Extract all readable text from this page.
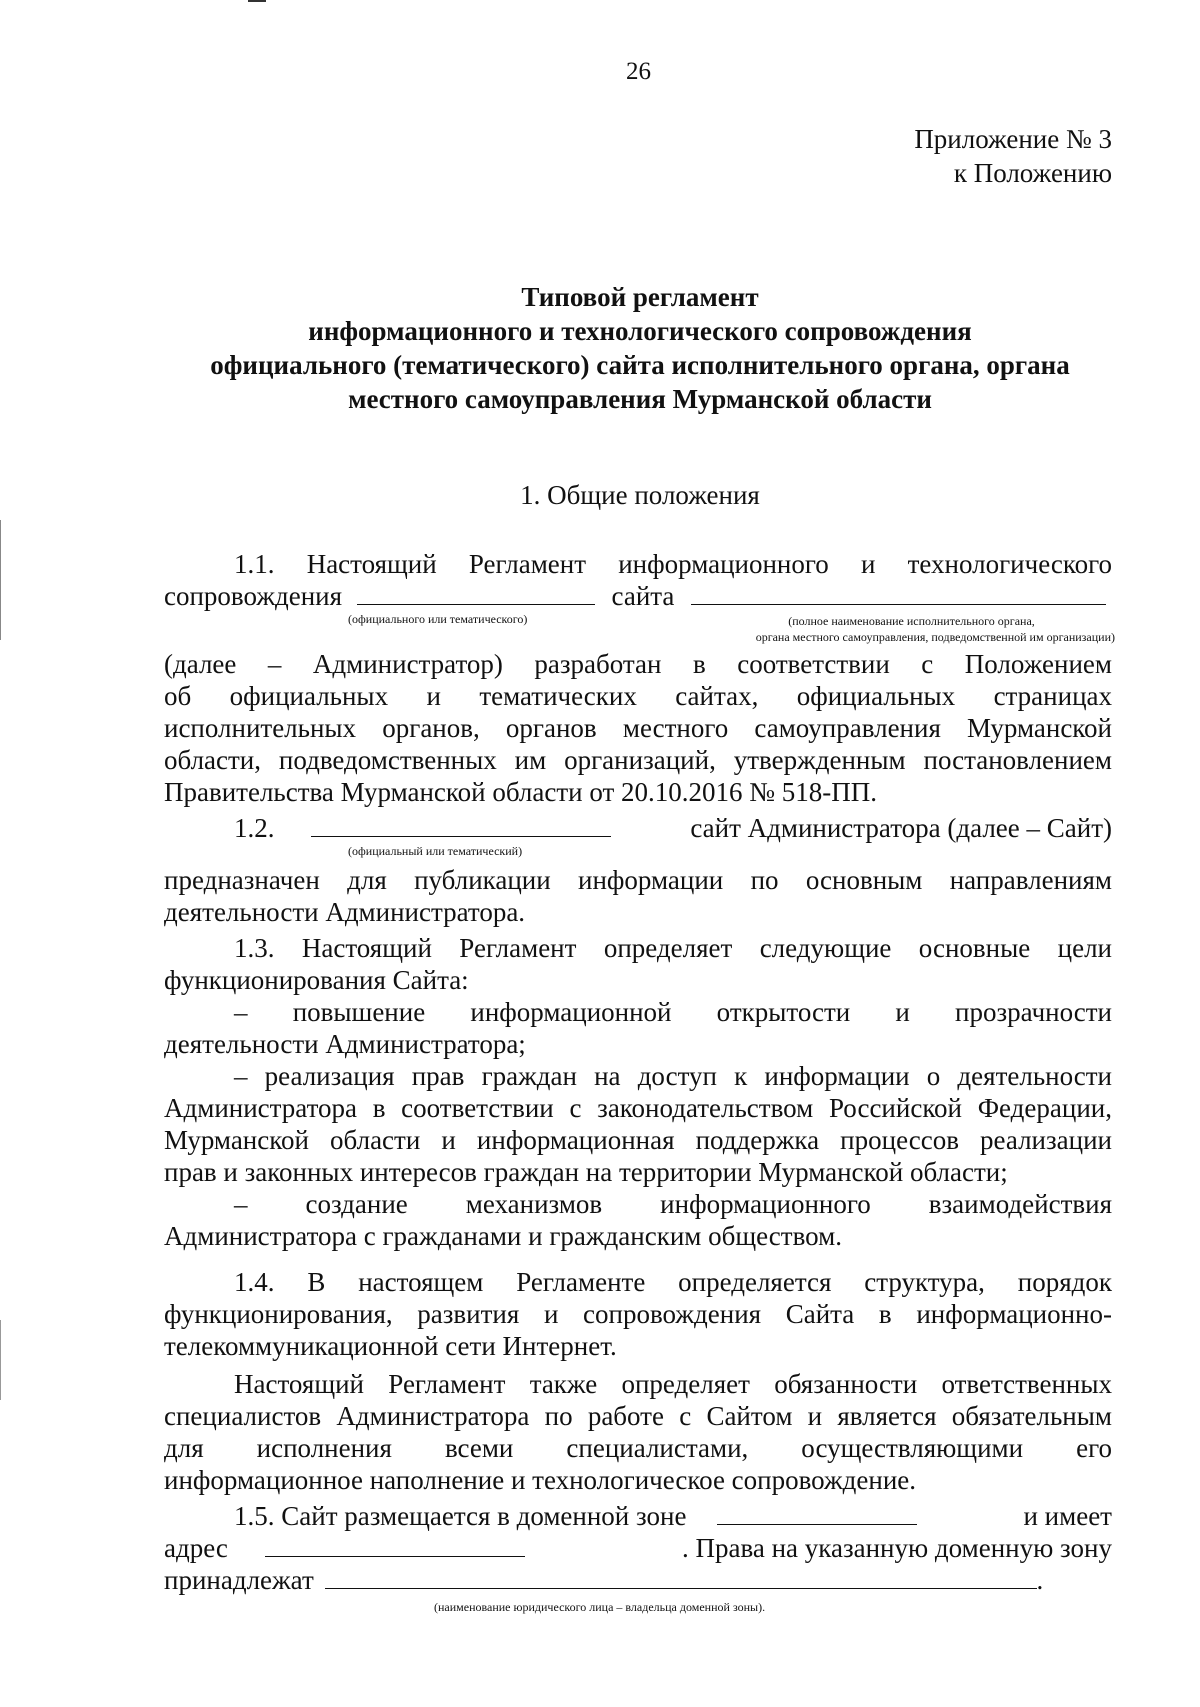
26
Приложение № 3
к Положению
Типовой регламент
информационного и технологического сопровождения
официального (тематического) сайта исполнительного органа, органа
местного самоуправления Мурманской области
1. Общие положения
1.1. Настоящий Регламент информационного и технологического
сопровождения	сайта
(официального или тематического)	(полное наименование исполнительного органа,
органа местного самоуправления, подведомственной им организации)
(далее – Администратор) разработан в соответствии с Положением
об официальных и тематических сайтах, официальных страницах
исполнительных органов, органов местного самоуправления Мурманской
области, подведомственных им организаций, утвержденным постановлением
Правительства Мурманской области от 20.10.2016 № 518-ПП.
1.2.	сайт Администратора (далее – Сайт)
(официальный или тематический)
предназначен для публикации информации по основным направлениям
деятельности Администратора.
1.3. Настоящий Регламент определяет следующие основные цели
функционирования Сайта:
– повышение информационной открытости и прозрачности
деятельности Администратора;
– реализация прав граждан на доступ к информации о деятельности
Администратора в соответствии с законодательством Российской Федерации,
Мурманской области и информационная поддержка процессов реализации
прав и законных интересов граждан на территории Мурманской области;
– создание механизмов информационного взаимодействия
Администратора с гражданами и гражданским обществом.
1.4. В настоящем Регламенте определяется структура, порядок
функционирования, развития и сопровождения Сайта в информационно-
телекоммуникационной сети Интернет.
Настоящий Регламент также определяет обязанности ответственных
специалистов Администратора по работе с Сайтом и является обязательным
для исполнения всеми специалистами, осуществляющими его
информационное наполнение и технологическое сопровождение.
1.5. Сайт размещается в доменной зоне	и имеет
адрес	. Права на указанную доменную зону
принадлежат	.
(наименование юридического лица – владельца доменной зоны).
